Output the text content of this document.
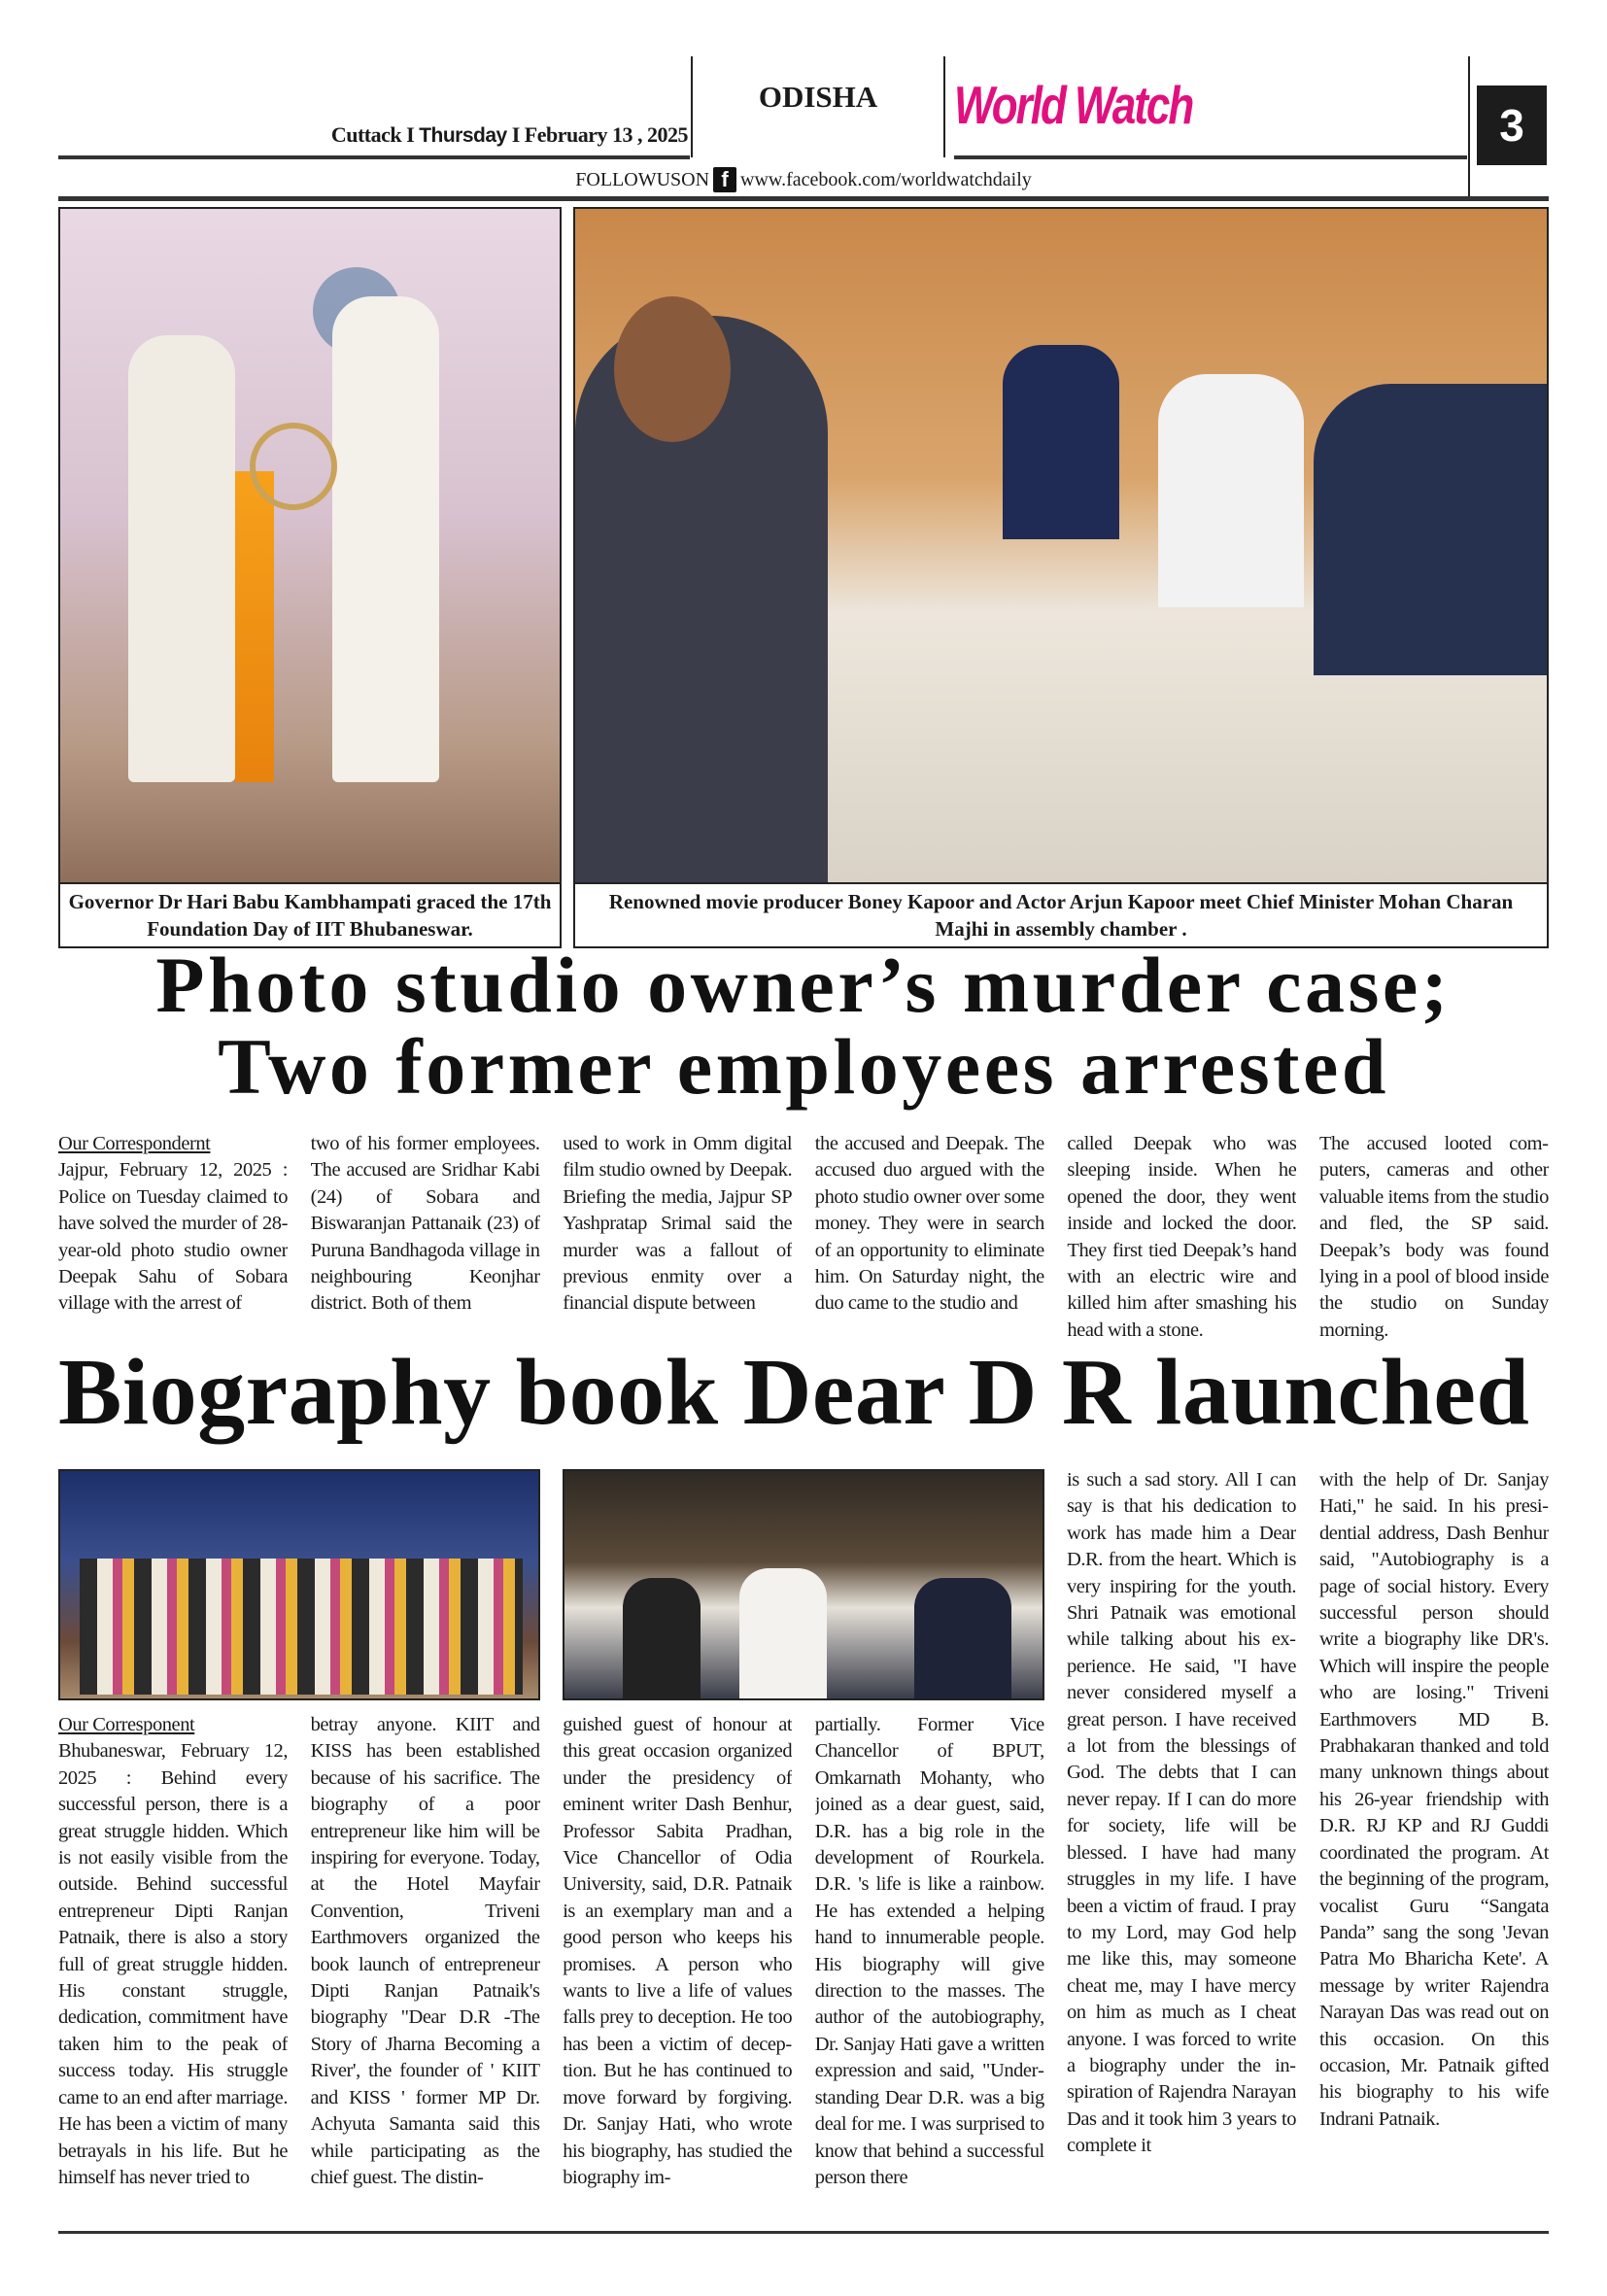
Cuttack I Thursday I February 13 , 2025
ODISHA	World Watch	3
FOLLOWUSON f www.facebook.com/worldwatchdaily
Governor Dr Hari Babu Kambhampati graced the 17th Foundation Day of IIT Bhubaneswar.
Renowned movie producer Boney Kapoor and Actor Arjun Kapoor meet Chief Minister Mohan Charan Majhi in assembly chamber .
Photo studio owner’s murder case;
Two former employees arrested
Our Correspondernt
Jajpur, February 12, 2025 : Police on Tuesday claimed to have solved the murder of 28-year-old photo studio owner Deepak Sahu of Sobara village with the arrest of
two of his former employees. The accused are Sridhar Kabi (24) of Sobara and Biswaranjan Pattanaik (23) of Puruna Bandhagoda village in neighbouring Keonjhar district. Both of them
used to work in Omm digital film studio owned by Deepak. Briefing the media, Jajpur SP Yashpratap Srimal said the murder was a fallout of previous enmity over a financial dispute between
the accused and Deepak. The accused duo argued with the photo studio owner over some money. They were in search of an opportunity to eliminate him. On Saturday night, the duo came to the studio and
called Deepak who was sleeping inside. When he opened the door, they went inside and locked the door. They first tied Deepak’s hand with an electric wire and killed him after smashing his head with a stone.
The accused looted computers, cameras and other valuable items from the studio and fled, the SP said. Deepak’s body was found lying in a pool of blood inside the studio on Sunday morning.
Biography book Dear D R launched
Our Corresponent
Bhubaneswar, February 12, 2025 : Behind every successful person, there is a great struggle hidden. Which is not easily visible from the outside. Behind successful entrepreneur Dipti Ranjan Patnaik, there is also a story full of great struggle hidden. His constant struggle, dedication, commitment have taken him to the peak of success today. His struggle came to an end after marriage. He has been a victim of many betrayals in his life. But he himself has never tried to
betray anyone. KIIT and KISS has been established because of his sacrifice. The biography of a poor entrepreneur like him will be inspiring for everyone. Today, at the Hotel Mayfair Convention, Triveni Earthmovers organized the book launch of entrepreneur Dipti Ranjan Patnaik's biography "Dear D.R -The Story of Jharna Becoming a River', the founder of ' KIIT and KISS ' former MP Dr. Achyuta Samanta said this while participating as the chief guest. The distin-
guished guest of honour at this great occasion organized under the presidency of eminent writer Dash Benhur, Professor Sabita Pradhan, Vice Chancellor of Odia University, said, D.R. Patnaik is an exemplary man and a good person who keeps his promises. A person who wants to live a life of values falls prey to deception. He too has been a victim of deception. But he has continued to move forward by forgiving. Dr. Sanjay Hati, who wrote his biography, has studied the biography im-
partially. Former Vice Chancellor of BPUT, Omkarnath Mohanty, who joined as a dear guest, said, D.R. has a big role in the development of Rourkela. D.R. 's life is like a rainbow. He has extended a helping hand to innumerable people. His biography will give direction to the masses. The author of the autobiography, Dr. Sanjay Hati gave a written expression and said, "Understanding Dear D.R. was a big deal for me. I was surprised to know that behind a successful person there
is such a sad story. All I can say is that his dedication to work has made him a Dear D.R. from the heart. Which is very inspiring for the youth. Shri Patnaik was emotional while talking about his experience. He said, "I have never considered myself a great person. I have received a lot from the blessings of God. The debts that I can never repay. If I can do more for society, life will be blessed. I have had many struggles in my life. I have been a victim of fraud. I pray to my Lord, may God help me like this, may someone cheat me, may I have mercy on him as much as I cheat anyone. I was forced to write a biography under the inspiration of Rajendra Narayan Das and it took him 3 years to complete it
with the help of Dr. Sanjay Hati," he said. In his presidential address, Dash Benhur said, "Autobiography is a page of social history. Every successful person should write a biography like DR's. Which will inspire the people who are losing." Triveni Earthmovers MD B. Prabhakaran thanked and told many unknown things about his 26-year friendship with D.R. RJ KP and RJ Guddi coordinated the program. At the beginning of the program, vocalist Guru “Sangata Panda” sang the song 'Jevan Patra Mo Bharicha Kete'. A message by writer Rajendra Narayan Das was read out on this occasion. On this occasion, Mr. Patnaik gifted his biography to his wife Indrani Patnaik.
